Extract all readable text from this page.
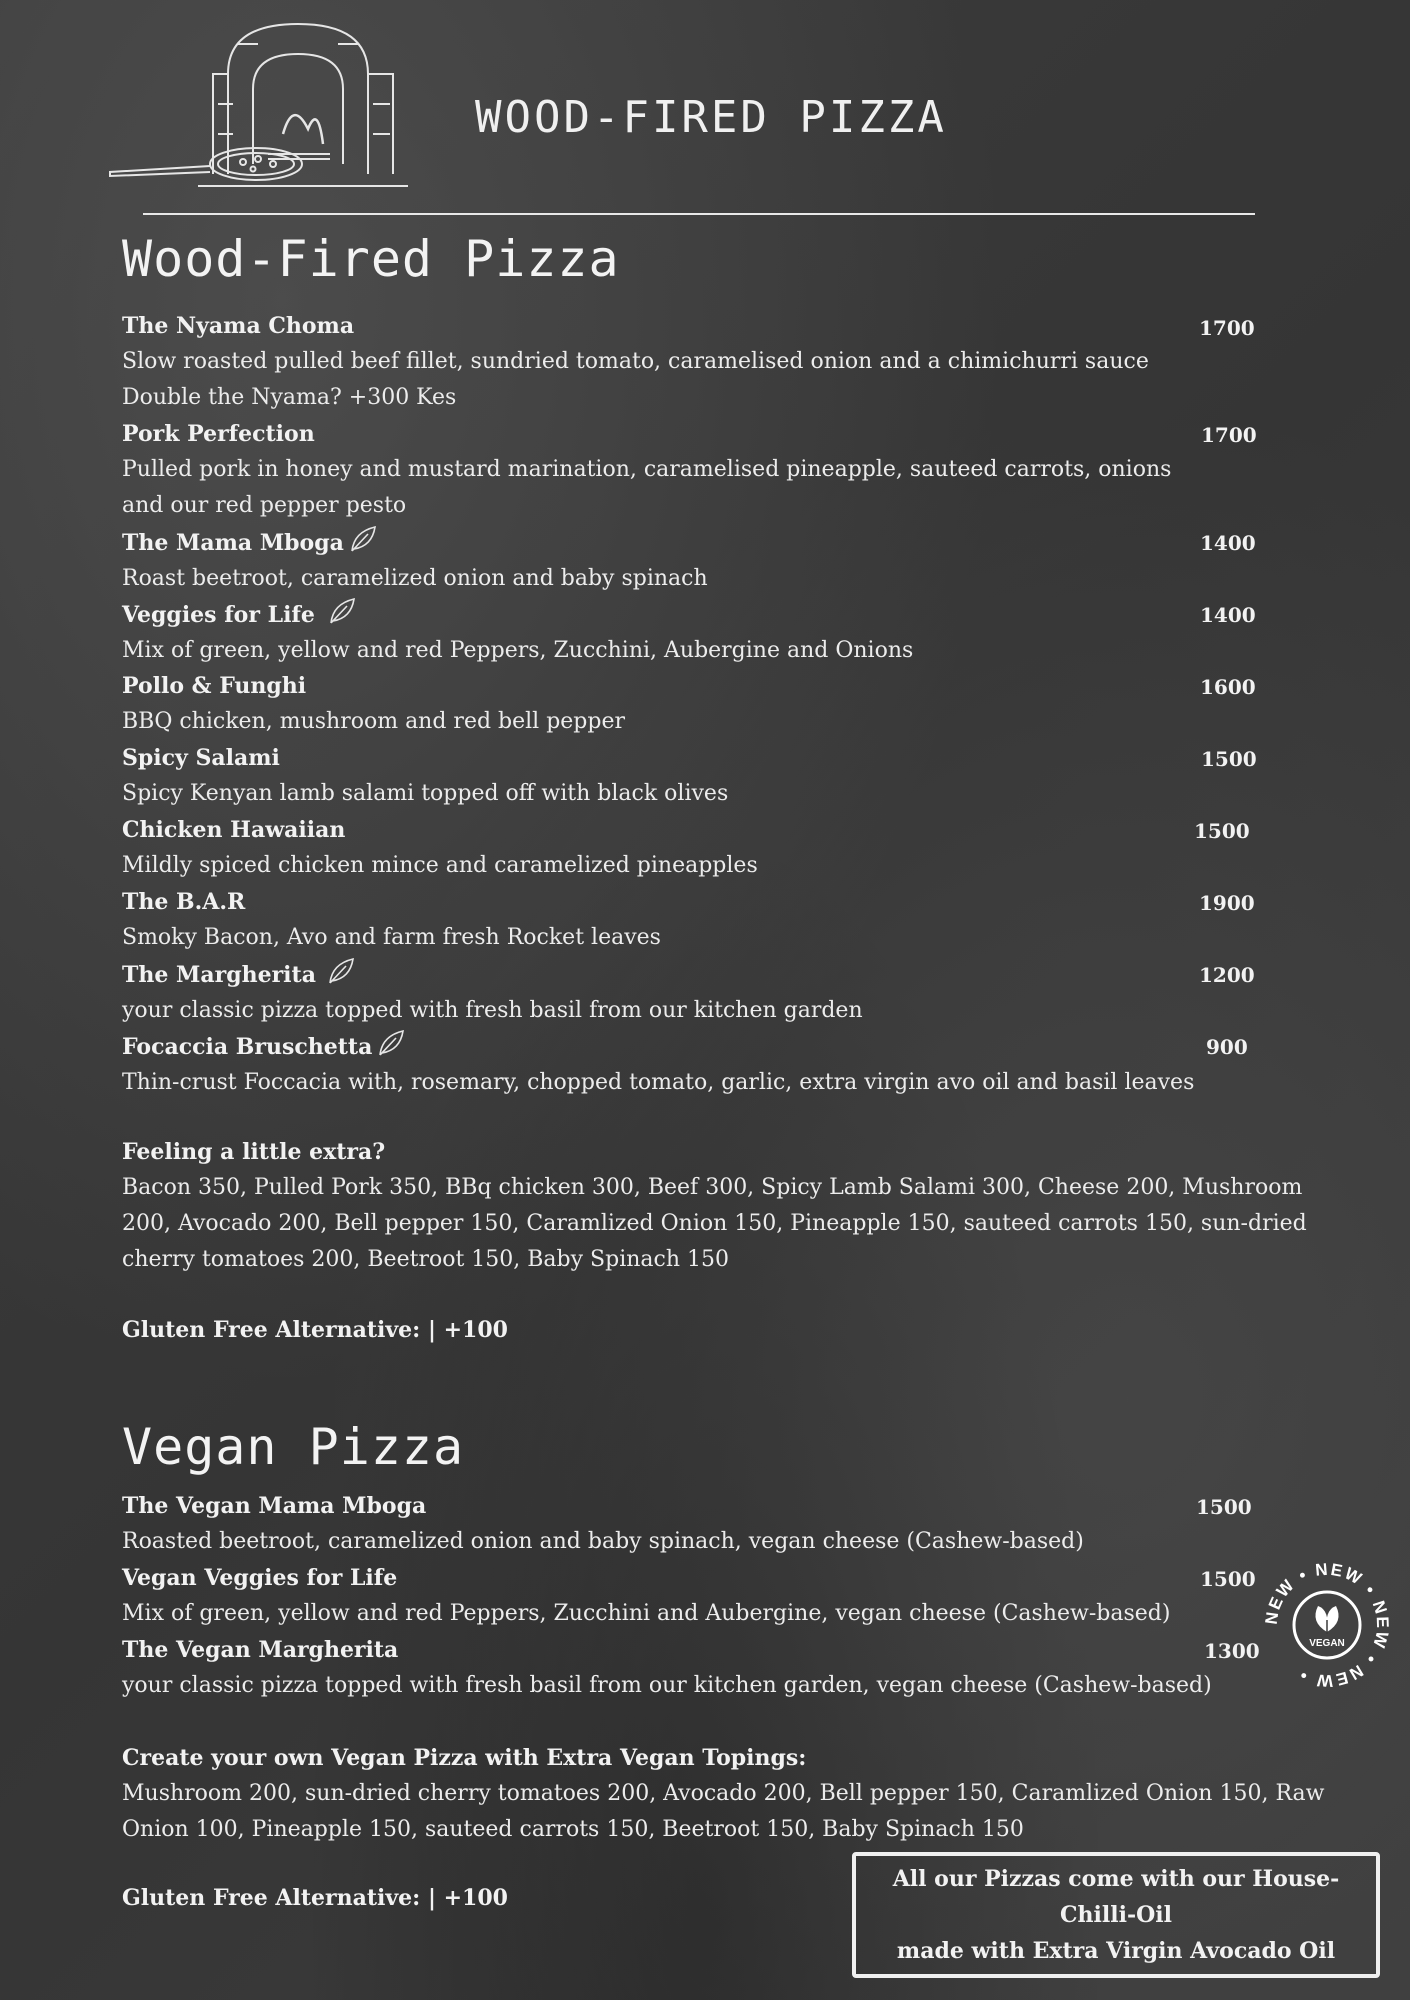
WOOD-FIRED PIZZA
Wood-Fired Pizza
The Nyama Choma
Slow roasted pulled beef fillet, sundried tomato, caramelised onion and a chimichurri sauce
Double the Nyama? +300 Kes
1700
Pork Perfection
Pulled pork in honey and mustard marination, caramelised pineapple, sauteed carrots, onions
and our red pepper pesto
1700
The Mama Mboga
Roast beetroot, caramelized onion and baby spinach
1400
Veggies for Life
Mix of green, yellow and red Peppers, Zucchini, Aubergine and Onions
1400
Pollo & Funghi
BBQ chicken, mushroom and red bell pepper
1600
Spicy Salami
Spicy Kenyan lamb salami topped off with black olives
1500
Chicken Hawaiian
Mildly spiced chicken mince and caramelized pineapples
1500
The B.A.R
Smoky Bacon, Avo and farm fresh Rocket leaves
1900
The Margherita
your classic pizza topped with fresh basil from our kitchen garden
1200
Focaccia Bruschetta
Thin-crust Foccacia with, rosemary, chopped tomato, garlic, extra virgin avo oil and basil leaves
900
Feeling a little extra?
Bacon 350, Pulled Pork 350, BBq chicken 300, Beef 300, Spicy Lamb Salami 300, Cheese 200, Mushroom 200, Avocado 200, Bell pepper 150, Caramlized Onion 150, Pineapple 150, sauteed carrots 150, sun-dried cherry tomatoes 200, Beetroot 150, Baby Spinach 150
Gluten Free Alternative: | +100
Vegan Pizza
The Vegan Mama Mboga
Roasted beetroot, caramelized onion and baby spinach, vegan cheese (Cashew-based)
1500
Vegan Veggies for Life
Mix of green, yellow and red Peppers, Zucchini and Aubergine, vegan cheese (Cashew-based)
1500
The Vegan Margherita
your classic pizza topped with fresh basil from our kitchen garden, vegan cheese (Cashew-based)
1300
NEW • NEW • NEW • NEW •
VEGAN
Create your own Vegan Pizza with Extra Vegan Topings:
Mushroom 200, sun-dried cherry tomatoes 200, Avocado 200, Bell pepper 150, Caramlized Onion 150, Raw Onion 100, Pineapple 150, sauteed carrots 150, Beetroot 150, Baby Spinach 150
Gluten Free Alternative: | +100
All our Pizzas come with our House-Chilli-Oil
made with Extra Virgin Avocado Oil
